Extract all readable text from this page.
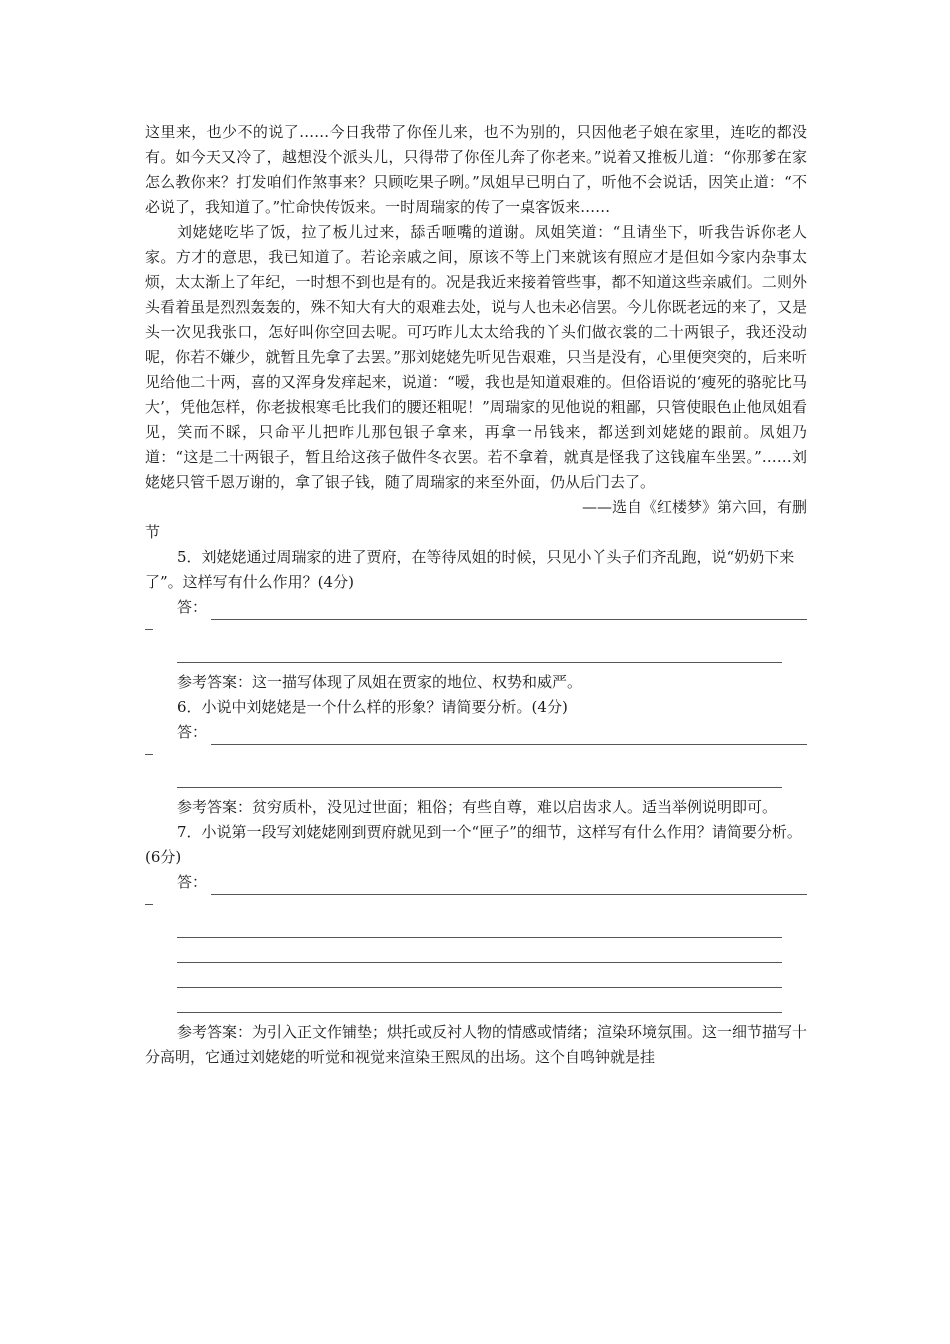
这里来，也少不的说了……今日我带了你侄儿来，也不为别的，只因他老子娘在家里，连吃的都没有。如今天又冷了，越想没个派头儿，只得带了你侄儿奔了你老来。”说着又推板儿道：“你那爹在家怎么教你来？打发咱们作煞事来？只顾吃果子咧。”凤姐早已明白了，听他不会说话，因笑止道：“不必说了，我知道了。”忙命快传饭来。一时周瑞家的传了一桌客饭来……

刘姥姥吃毕了饭，拉了板儿过来，舔舌咂嘴的道谢。凤姐笑道：“且请坐下，听我告诉你老人家。方才的意思，我已知道了。若论亲戚之间，原该不等上门来就该有照应才是但如今家内杂事太烦，太太渐上了年纪，一时想不到也是有的。况是我近来接着管些事，都不知道这些亲戚们。二则外头看着虽是烈烈轰轰的，殊不知大有大的艰难去处，说与人也未必信罢。今儿你既老远的来了，又是头一次见我张口，怎好叫你空回去呢。可巧昨儿太太给我的丫头们做衣裳的二十两银子，我还没动呢，你若不嫌少，就暂且先拿了去罢。”那刘姥姥先听见告艰难，只当是没有，心里便突突的，后来听见给他二十两，喜的又浑身发痒起来，说道：“嗳，我也是知道艰难的。但俗语说的‘瘦死的骆驼比马大’，凭他怎样，你老拔根寒毛比我们的腰还粗呢！”周瑞家的见他说的粗鄙，只管使眼色止他凤姐看见，笑而不睬，只命平儿把昨儿那包银子拿来，再拿一吊钱来，都送到刘姥姥的跟前。凤姐乃道：“这是二十两银子，暂且给这孩子做件冬衣罢。若不拿着，就真是怪我了这钱雇车坐罢。”……刘姥姥只管千恩万谢的，拿了银子钱，随了周瑞家的来至外面，仍从后门去了。

——选自《红楼梦》第六回，有删

节

5．刘姥姥通过周瑞家的进了贾府，在等待凤姐的时候，只见小丫头子们齐乱跑，说“奶奶下来了”。这样写有什么作用？(4分)

答：

参考答案：这一描写体现了凤姐在贾家的地位、权势和威严。

6．小说中刘姥姥是一个什么样的形象？请简要分析。(4分)

答：

参考答案：贫穷质朴，没见过世面；粗俗；有些自尊，难以启齿求人。适当举例说明即可。

7．小说第一段写刘姥姥刚到贾府就见到一个“匣子”的细节，这样写有什么作用？请简要分析。(6分)

答：

参考答案：为引入正文作铺垫；烘托或反衬人物的情感或情绪；渲染环境氛围。这一细节描写十分高明，它通过刘姥姥的听觉和视觉来渲染王熙凤的出场。这个自鸣钟就是挂
